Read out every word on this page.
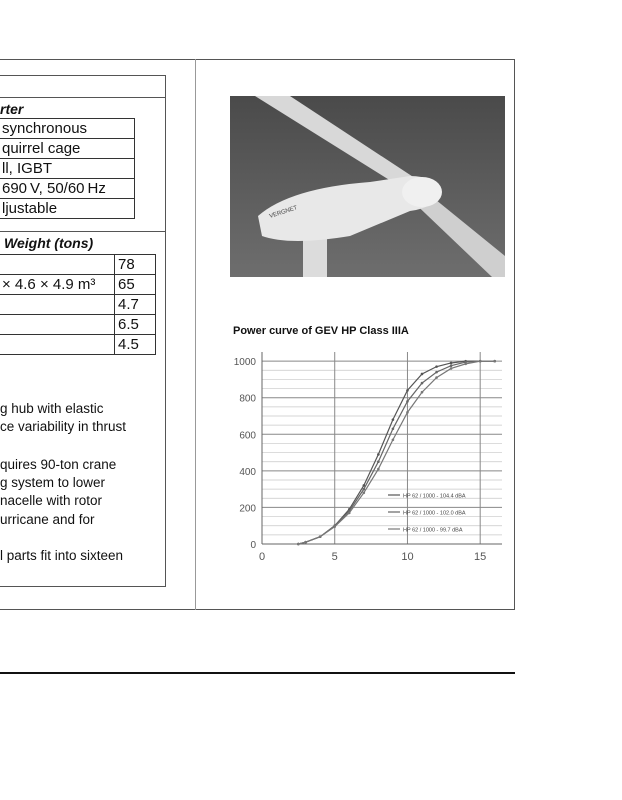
rter
synchronous
quirrel cage
ll, IGBT
690 V, 50/60 Hz
ljustable
Weight (tons)
	78
× 4.6 × 4.9 m³	65
	4.7
	6.5
	4.5
g hub with elastic
ce variability in thrust
quires 90-ton crane
g system to lower
nacelle with rotor
urricane and for
l parts fit into sixteen
VERGNET
Power curve of GEV HP Class IIIA
0	5	10	15
0
200
400
600
800
1000
HP 62 / 1000 - 104.4 dBA
HP 62 / 1000 - 102.0 dBA
HP 62 / 1000 - 99.7 dBA
